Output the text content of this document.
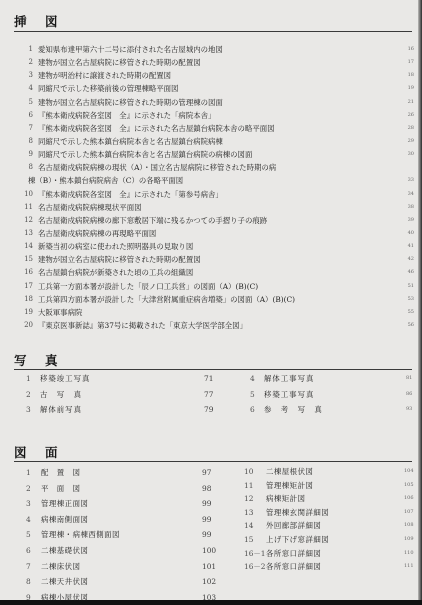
挿　図
1 愛知県布達甲第六十二号に添付された名古屋城内の地図	16
2 建物が国立名古屋病院に移管された時期の配置図	17
3 建物が明治村に譲渡された時期の配置図	18
4 同縮尺で示した移築前後の管理棟略平面図	19
5 建物が国立名古屋病院に移管された時期の管理棟の図面	21
6 『熊本衛戍病院各室図　全』に示された「病院本舎」	26
7 『熊本衛戍病院各室図　全』に示された名古屋鎮台病院本舎の略平面図	28
8 同縮尺で示した熊本鎮台病院本舎と名古屋鎮台病院病棟	29
9 同縮尺で示した熊本鎮台病院本舎と名古屋鎮台病院の病棟の図面	30
8 名古屋衛戍病院病棟の現状（A）・国立名古屋病院に移管された時期の病
棟（B）・熊本鎮台病院病舎（C）の各略平面図	33
10 『熊本衛戍病院各室図　全』に示された「第参号病舎」	34
11 名古屋衛戍病院病棟現状平面図	38
12 名古屋衛戍病院病棟の廊下窓敷居下端に残るかつての手摺り子の痕跡	39
13 名古屋衛戍病院病棟の再現略平面図	40
14 新築当初の病室に使われた照明器具の見取り図	41
15 建物が国立名古屋病院に移管された時期の配置図	42
16 名古屋鎮台病院が新築された頃の工兵の組織図	46
17 工兵第一方面本署が設計した「辰ノ口工兵営」の図面（A）(B)(C)	51
18 工兵第四方面本署が設計した「大津営附属重症病舎増築」の図面（A）(B)(C)	53
19 大阪軍事病院	55
20 『東京医事新誌』第37号に掲載された「東京大学医学部全図」	56
写　真
1 移築竣工写真	71
2 古　写　真	77
3 解体前写真	79
4 解体工事写真	81
5 移築工事写真	86
6 参　考　写　真	93
図　面
1 配　置　図	97
2 平　面　図	98
3 管理棟正面図	99
4 病棟南側面図	99
5 管理棟・病棟西側面図	99
6 二棟基礎伏図	100
7 二棟床伏図	101
8 二棟天井伏図	102
9 病棟小屋伏図	103
10 二棟屋根伏図	104
11 管理棟矩計図	105
12 病棟矩計図	106
13 管理棟玄関詳細図	107
14 外回廊部詳細図	108
15 上げ下げ窓詳細図	109
16－1 各所窓口詳細図	110
16－2 各所窓口詳細図	111
